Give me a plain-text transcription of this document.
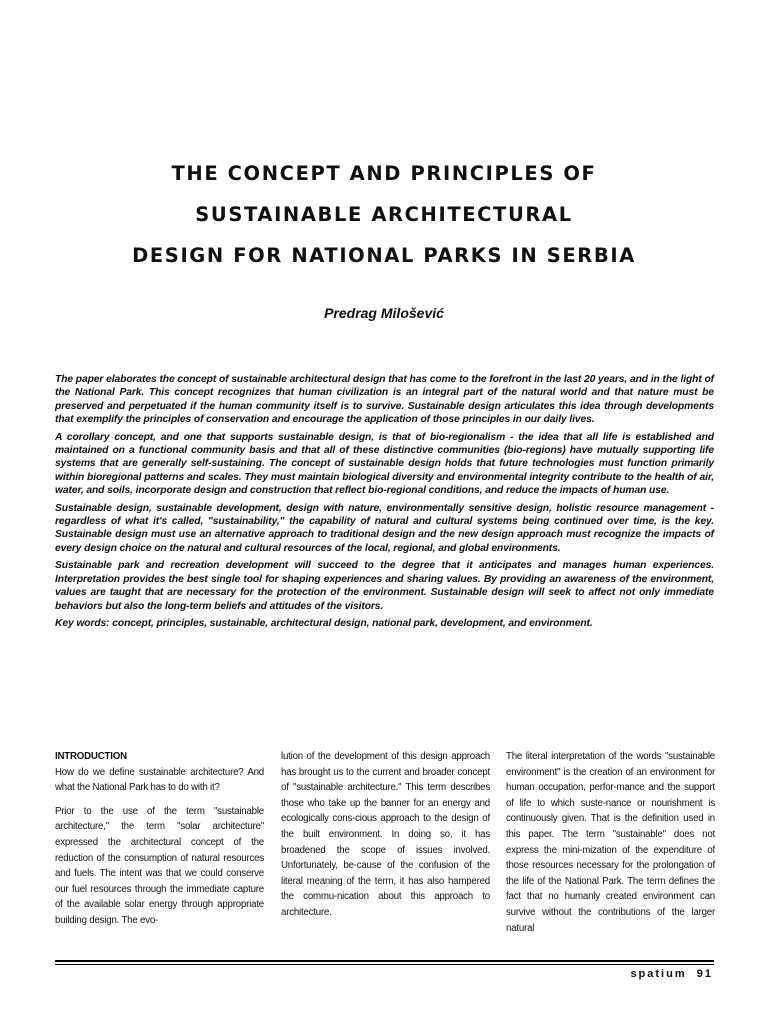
THE CONCEPT AND PRINCIPLES OF
SUSTAINABLE ARCHITECTURAL
DESIGN FOR NATIONAL PARKS IN SERBIA
Predrag Milošević

The paper elaborates the concept of sustainable architectural design that has come to the forefront in the last 20 years, and in the light of the National Park. This concept recognizes that human civilization is an integral part of the natural world and that nature must be preserved and perpetuated if the human community itself is to survive. Sustainable design articulates this idea through developments that exemplify the principles of conservation and encourage the application of those principles in our daily lives.

A corollary concept, and one that supports sustainable design, is that of bio-regionalism - the idea that all life is established and maintained on a functional community basis and that all of these distinctive communities (bio-regions) have mutually supporting life systems that are generally self-sustaining. The concept of sustainable design holds that future technologies must function primarily within bioregional patterns and scales. They must maintain biological diversity and environmental integrity contribute to the health of air, water, and soils, incorporate design and construction that reflect bio-regional conditions, and reduce the impacts of human use.

Sustainable design, sustainable development, design with nature, environmentally sensitive design, holistic resource management - regardless of what it's called, "sustainability," the capability of natural and cultural systems being continued over time, is the key. Sustainable design must use an alternative approach to traditional design and the new design approach must recognize the impacts of every design choice on the natural and cultural resources of the local, regional, and global environments.

Sustainable park and recreation development will succeed to the degree that it anticipates and manages human experiences. Interpretation provides the best single tool for shaping experiences and sharing values. By providing an awareness of the environment, values are taught that are necessary for the protection of the environment. Sustainable design will seek to affect not only immediate behaviors but also the long-term beliefs and attitudes of the visitors.

Key words: concept, principles, sustainable, architectural design, national park, development, and environment.

INTRODUCTION

How do we define sustainable architecture? And what the National Park has to do with it?

Prior to the use of the term "sustainable architecture," the term "solar architecture" expressed the architectural concept of the reduction of the consumption of natural resources and fuels. The intent was that we could conserve our fuel resources through the immediate capture of the available solar energy through appropriate building design. The evo-

lution of the development of this design approach has brought us to the current and broader concept of "sustainable architecture." This term describes those who take up the banner for an energy and ecologically cons-cious approach to the design of the built environment. In doing so, it has broadened the scope of issues involved. Unfortunately, be-cause of the confusion of the literal meaning of the term, it has also hampered the commu-nication about this approach to architecture.

The literal interpretation of the words "sustainable environment" is the creation of an environment for human occupation, perfor-mance and the support of life to which suste-nance or nourishment is continuously given. That is the definition used in this paper. The term "sustainable" does not express the mini-mization of the expenditure of those resources necessary for the prolongation of the life of the National Park. The term defines the fact that no humanly created environment can survive without the contributions of the larger natural

spatium 91
